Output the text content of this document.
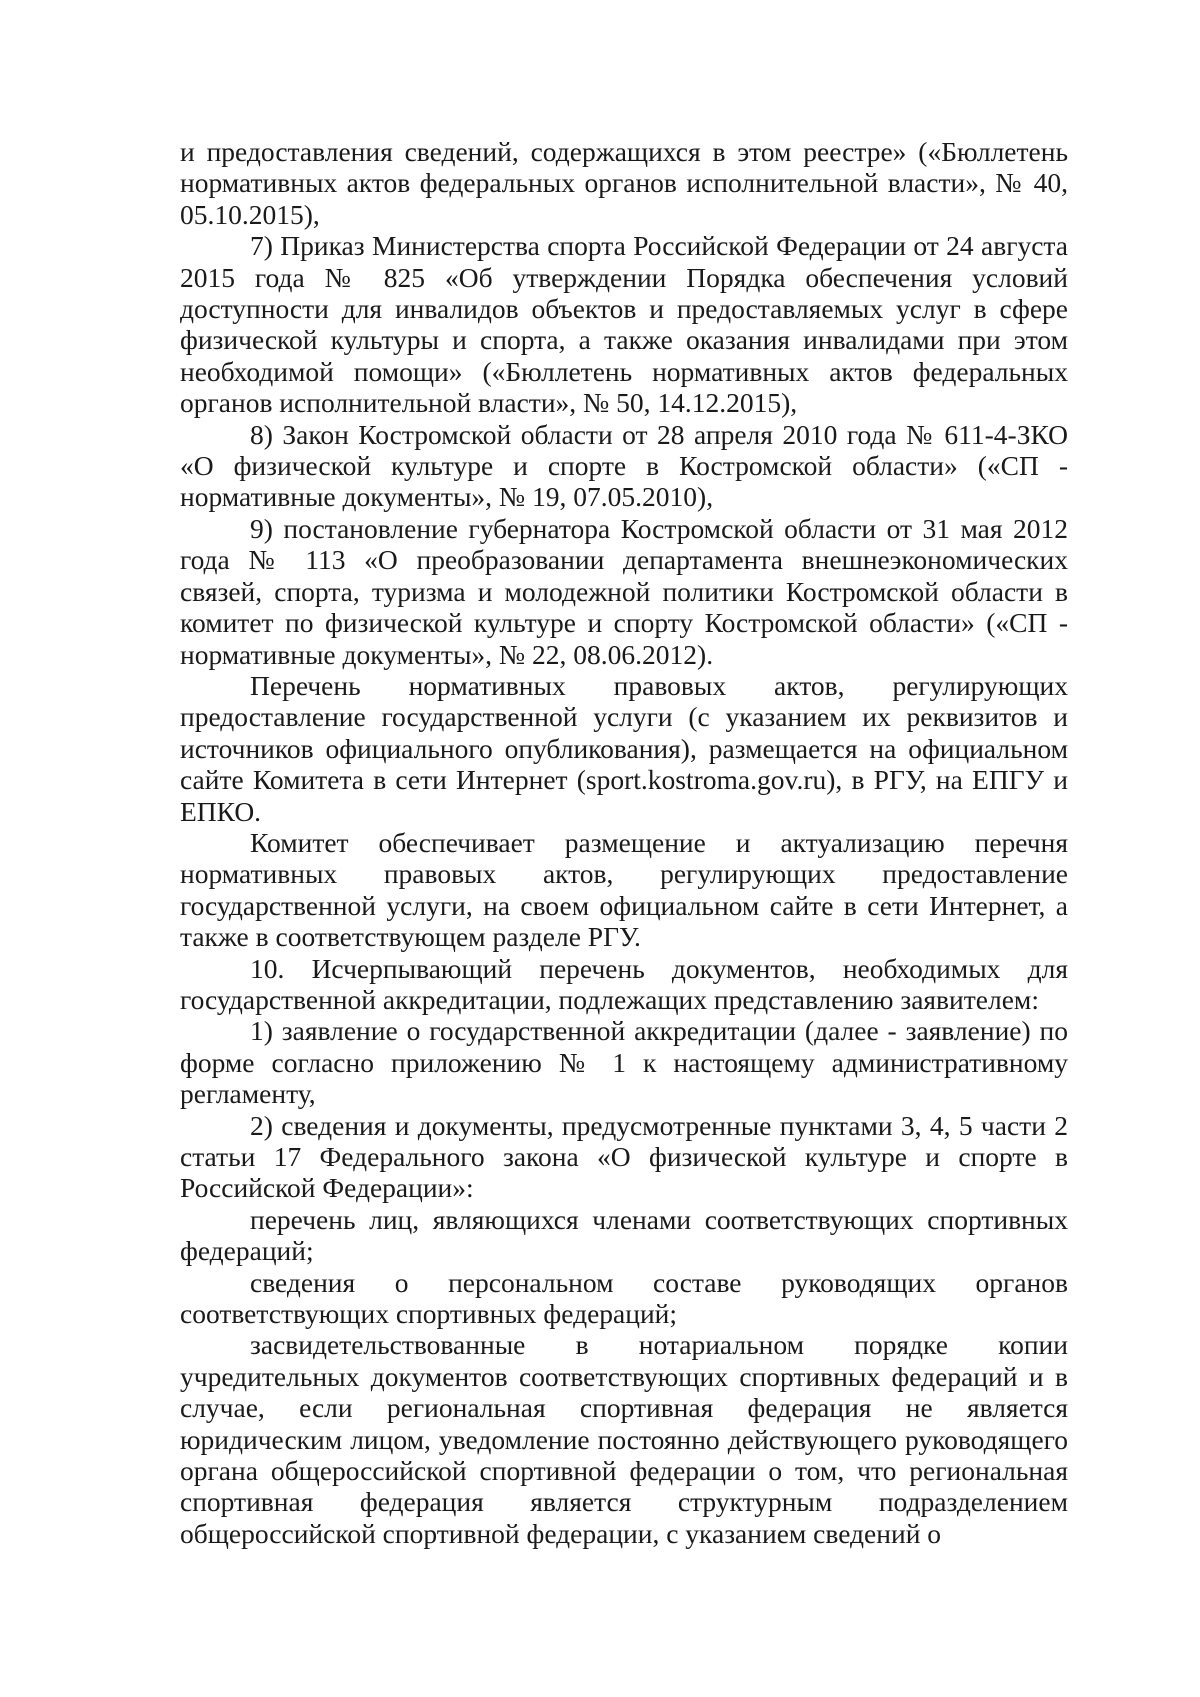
и предоставления сведений, содержащихся в этом реестре» («Бюллетень нормативных актов федеральных органов исполнительной власти», № 40, 05.10.2015),

7) Приказ Министерства спорта Российской Федерации от 24 августа 2015 года № 825 «Об утверждении Порядка обеспечения условий доступности для инвалидов объектов и предоставляемых услуг в сфере физической культуры и спорта, а также оказания инвалидами при этом необходимой помощи» («Бюллетень нормативных актов федеральных органов исполнительной власти», № 50, 14.12.2015),

8) Закон Костромской области от 28 апреля 2010 года № 611-4-ЗКО «О физической культуре и спорте в Костромской области» («СП - нормативные документы», № 19, 07.05.2010),

9) постановление губернатора Костромской области от 31 мая 2012 года № 113 «О преобразовании департамента внешнеэкономических связей, спорта, туризма и молодежной политики Костромской области в комитет по физической культуре и спорту Костромской области» («СП - нормативные документы», № 22, 08.06.2012).

Перечень нормативных правовых актов, регулирующих предоставление государственной услуги (с указанием их реквизитов и источников официального опубликования), размещается на официальном сайте Комитета в сети Интернет (sport.kostroma.gov.ru), в РГУ, на ЕПГУ и ЕПКО.

Комитет обеспечивает размещение и актуализацию перечня нормативных правовых актов, регулирующих предоставление государственной услуги, на своем официальном сайте в сети Интернет, а также в соответствующем разделе РГУ.

10. Исчерпывающий перечень документов, необходимых для государственной аккредитации, подлежащих представлению заявителем:

1) заявление о государственной аккредитации (далее - заявление) по форме согласно приложению № 1 к настоящему административному регламенту,

2) сведения и документы, предусмотренные пунктами 3, 4, 5 части 2 статьи 17 Федерального закона «О физической культуре и спорте в Российской Федерации»:

перечень лиц, являющихся членами соответствующих спортивных федераций;

сведения о персональном составе руководящих органов соответствующих спортивных федераций;

засвидетельствованные в нотариальном порядке копии учредительных документов соответствующих спортивных федераций и в случае, если региональная спортивная федерация не является юридическим лицом, уведомление постоянно действующего руководящего органа общероссийской спортивной федерации о том, что региональная спортивная федерация является структурным подразделением общероссийской спортивной федерации, с указанием сведений о
